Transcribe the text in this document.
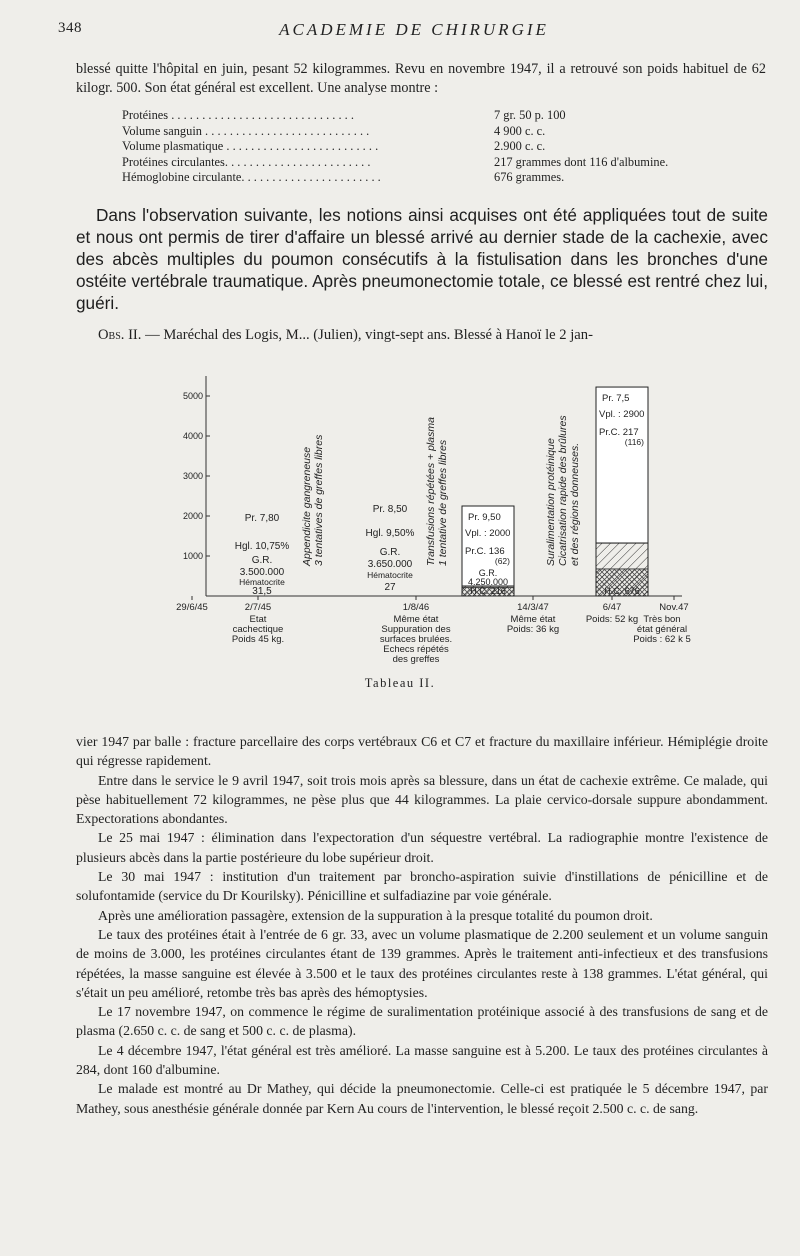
348	ACADEMIE DE CHIRURGIE
blessé quitte l'hôpital en juin, pesant 52 kilogrammes. Revu en novembre 1947, il a retrouvé son poids habituel de 62 kilogr. 500. Son état général est excellent. Une analyse montre :
Protéines . . . . . . . . . . . . . . . . . . . . . . . . . . . . . .	7 gr. 50 p. 100
Volume sanguin . . . . . . . . . . . . . . . . . . . . . . . . . . .	4 900 c. c.
Volume plasmatique . . . . . . . . . . . . . . . . . . . . . . . . .	2.900 c. c.
Protéines circulantes. . . . . . . . . . . . . . . . . . . . . . . .	217 grammes dont 116 d'albumine.
Hémoglobine circulante. . . . . . . . . . . . . . . . . . . . . . .	676 grammes.

Dans l'observation suivante, les notions ainsi acquises ont été appliquées tout de suite et nous ont permis de tirer d'affaire un blessé arrivé au dernier stade de la cachexie, avec des abcès multiples du poumon consécutifs à la fistulisation dans les bronches d'une ostéite vertébrale traumatique. Après pneumonectomie totale, ce blessé est rentré chez lui, guéri.

Obs. II. — Maréchal des Logis, M... (Julien), vingt-sept ans. Blessé à Hanoï le 2 jan-
5000
4000
3000
2000
1000
29/6/45	2/7/45	1/8/46	14/3/47	6/47	Nov.47
Etat
cachectique
Poids 45 kg.
Même état
Suppuration des
surfaces brulées.
Echecs répétés
des greffes
Même état
Poids: 36 kg
Poids: 52 kg Très bon
état général
Poids : 62 k 5
Pr. 7,80
Hgl. 10,75%
G.R.
3.500.000
Hématocrite
31,5
Pr. 8,50
Hgl. 9,50%
G.R.
3.650.000
Hématocrite
27
Appendicite gangreneuse 3 tentatives de greffes libres	Transfusions répétées + plasma 1 tentative de greffes libres	Suralimentation protéinique Cicatrisation rapide des brûlures et des régions donneuses.
Pr. 9,50
Vpl. : 2000
Pr.C. 136
(62)
G.R.
4.250.000
H.C. 216
Pr. 7,5
Vpl. : 2900
Pr.C. 217
(116)
H.C. 676
Tableau II.

vier 1947 par balle : fracture parcellaire des corps vertébraux C6 et C7 et fracture du maxillaire inférieur. Hémiplégie droite qui régresse rapidement.

Entre dans le service le 9 avril 1947, soit trois mois après sa blessure, dans un état de cachexie extrême. Ce malade, qui pèse habituellement 72 kilogrammes, ne pèse plus que 44 kilogrammes. La plaie cervico-dorsale suppure abondamment. Expectorations abondantes.

Le 25 mai 1947 : élimination dans l'expectoration d'un séquestre vertébral. La radiographie montre l'existence de plusieurs abcès dans la partie postérieure du lobe supérieur droit.

Le 30 mai 1947 : institution d'un traitement par broncho-aspiration suivie d'instillations de pénicilline et de solufontamide (service du Dr Kourilsky). Pénicilline et sulfadiazine par voie générale.

Après une amélioration passagère, extension de la suppuration à la presque totalité du poumon droit.

Le taux des protéines était à l'entrée de 6 gr. 33, avec un volume plasmatique de 2.200 seulement et un volume sanguin de moins de 3.000, les protéines circulantes étant de 139 grammes. Après le traitement anti-infectieux et des transfusions répétées, la masse sanguine est élevée à 3.500 et le taux des protéines circulantes reste à 138 grammes. L'état général, qui s'était un peu amélioré, retombe très bas après des hémoptysies.

Le 17 novembre 1947, on commence le régime de suralimentation protéinique associé à des transfusions de sang et de plasma (2.650 c. c. de sang et 500 c. c. de plasma).

Le 4 décembre 1947, l'état général est très amélioré. La masse sanguine est à 5.200. Le taux des protéines circulantes à 284, dont 160 d'albumine.

Le malade est montré au Dr Mathey, qui décide la pneumonectomie. Celle-ci est pratiquée le 5 décembre 1947, par Mathey, sous anesthésie générale donnée par Kern Au cours de l'intervention, le blessé reçoit 2.500 c. c. de sang.
